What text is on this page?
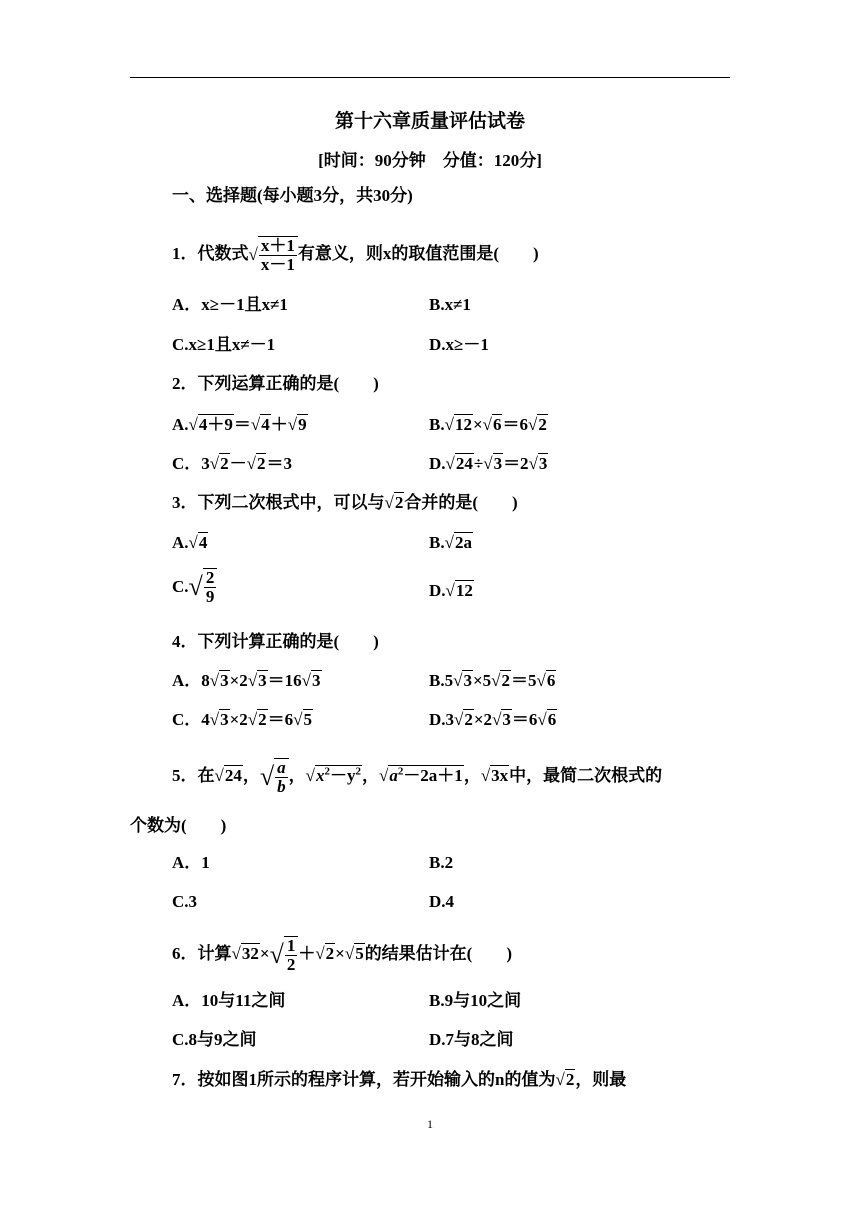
第十六章质量评估试卷
[时间：90分钟　分值：120分]
一、选择题(每小题3分，共30分)
1．代数式√ $\frac{x+1}{x-1}$ 有意义，则x的取值范围是(　　)
A．x≥－1且x≠1	B.x≠1
C.x≥1且x≠－1	D.x≥－1
2．下列运算正确的是(　　)
A.√4＋9＝√4＋√9	B.√12×√6＝6√2
C．3√2－√2＝3	D.√24÷√3＝2√3
3．下列二次根式中，可以与√2合并的是(　　)
A.√4	B.√2a
$C.√ \frac{2}{9}$	D.√12
4．下列计算正确的是(　　)
A．8√3×2√3＝16√3	B.5√3×5√2＝5√6
C．4√3×2√2＝6√5	D.3√2×2√3＝6√6
5．在√24，√ $\frac{a}{b}$ ，$√x^2-y^2$，$√a^2-2a+1$，√3x中，最简二次根式的
个数为(　　)
A．1	B.2
C.3	D.4
6．计算$√32\times√ \frac{1}{2} +√2\times√5$的结果估计在(　　)
A．10与11之间	B.9与10之间
C.8与9之间	D.7与8之间
7．按如图1所示的程序计算，若开始输入的n的值为√2，则最
1
